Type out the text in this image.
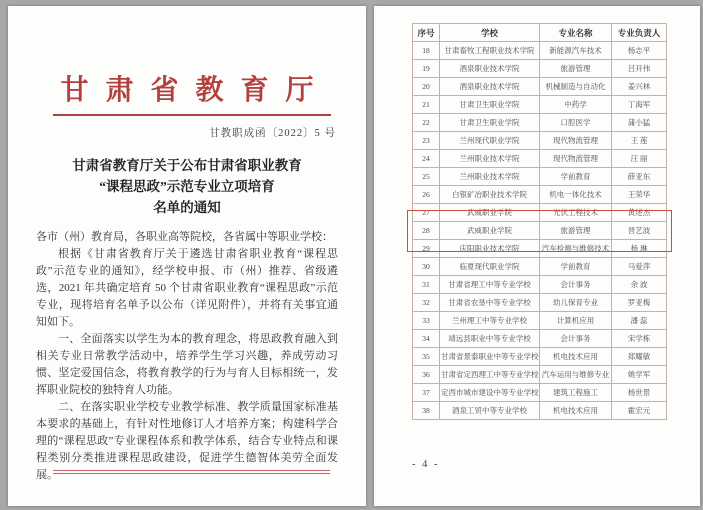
甘肃省教育厅
甘教职成函〔2022〕5 号
甘肃省教育厅关于公布甘肃省职业教育
“课程思政”示范专业立项培育
名单的通知

各市（州）教育局，各职业高等院校，各省属中等职业学校：

根据《甘肃省教育厅关于遴选甘肃省职业教育“课程思政”示范专业的通知》，经学校申报、市（州）推荐、省级遴选，2021 年共确定培育 50 个甘肃省职业教育“课程思政”示范专业，现将培育名单予以公布（详见附件），并将有关事宜通知如下。

一、全面落实以学生为本的教育理念，将思政教育融入到相关专业日常教学活动中，培养学生学习兴趣，养成劳动习惯、坚定爱国信念，将教育教学的行为与育人目标相统一，发挥职业院校的独特育人功能。

二、在落实职业学校专业教学标准、教学质量国家标准基本要求的基础上，有针对性地修订人才培养方案；构建科学合理的“课程思政”专业课程体系和教学体系，结合专业特点和课程类别分类推进课程思政建设，促进学生德智体美劳全面发展。

序号	学校	专业名称	专业负责人
18	甘肃畜牧工程职业技术学院	新能源汽车技术	杨志平
19	酒泉职业技术学院	旅游管理	吕开伟
20	酒泉职业技术学院	机械制造与自动化	姜兴林
21	甘肃卫生职业学院	中药学	丁海军
22	甘肃卫生职业学院	口腔医学	蒲小猛
23	兰州现代职业学院	现代物流管理	王 莲
24	兰州职业技术学院	现代物流管理	汪 丽
25	兰州职业技术学院	学前教育	薛亚东
26	白银矿冶职业技术学院	机电一体化技术	王荣华
27	武威职业学院	光伏工程技术	黄述杰
28	武威职业学院	旅游管理	晋艺波
29	庆阳职业技术学院	汽车检测与维修技术	杨 琳
30	临夏现代职业学院	学前教育	马爱萍
31	甘肃省理工中等专业学校	会计事务	余 波
32	甘肃省农垦中等专业学校	幼儿保育专业	罗亚梅
33	兰州理工中等专业学校	计算机应用	潘 蕊
34	靖远县职业中等专业学校	会计事务	宋学栋
35	甘肃省景泰职业中等专业学校	机电技术应用	郑耀敏
36	甘肃省定西理工中等专业学校	汽车运用与维修专业	姚学军
37	定西市城市建设中等专业学校	建筑工程施工	杨世景
38	酒泉工贸中等专业学校	机电技术应用	霍宏元
- 4 -
